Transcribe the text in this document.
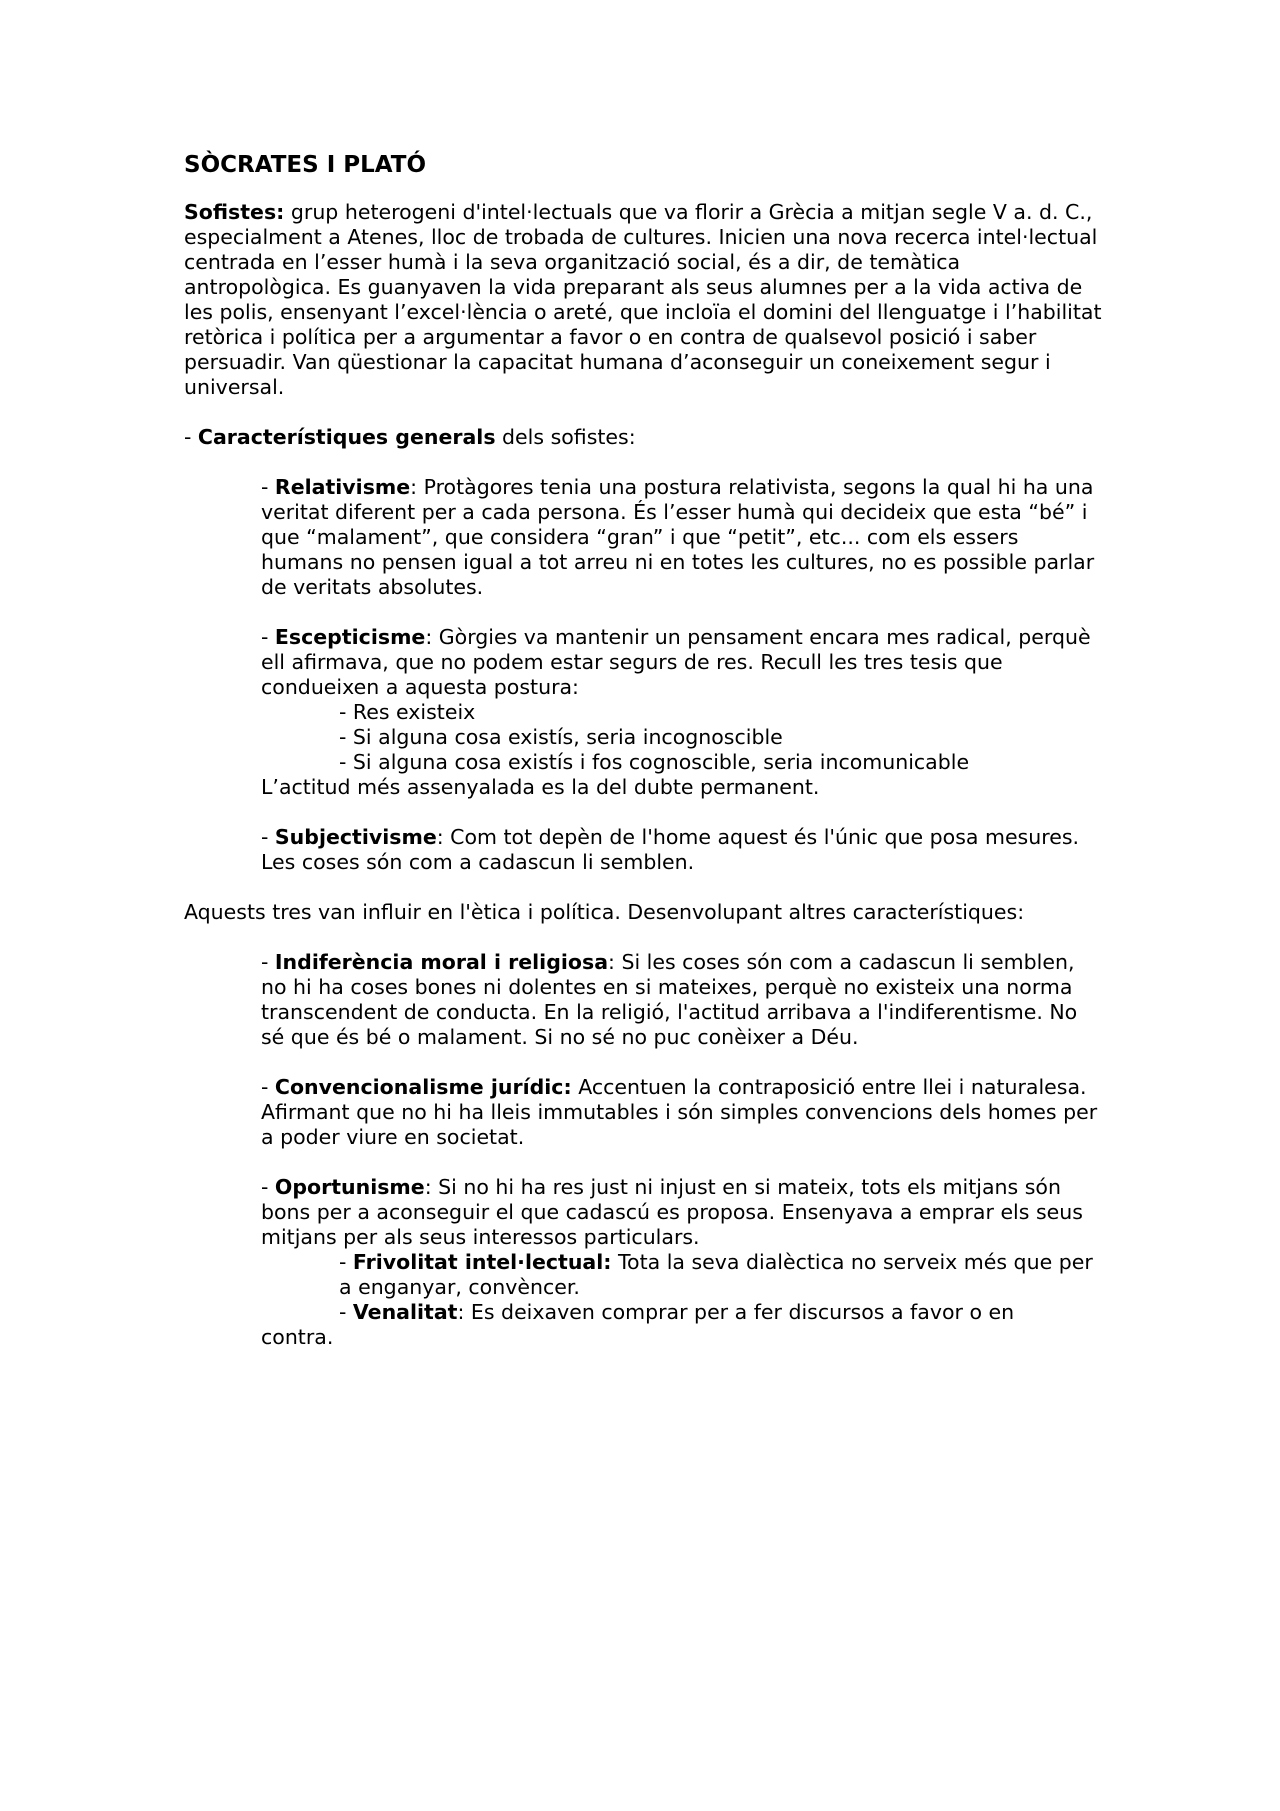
SÒCRATES I PLATÓ

Sofistes: grup heterogeni d'intel·lectuals que va florir a Grècia a mitjan segle V a. d. C., especialment a Atenes, lloc de trobada de cultures. Inicien una nova recerca intel·lectual centrada en l’esser humà i la seva organització social, és a dir, de temàtica antropològica. Es guanyaven la vida preparant als seus alumnes per a la vida activa de les polis, ensenyant l’excel·lència o areté, que incloïa el domini del llenguatge i l’habilitat retòrica i política per a argumentar a favor o en contra de qualsevol posició i saber persuadir. Van qüestionar la capacitat humana d’aconseguir un coneixement segur i universal.

- Característiques generals dels sofistes:

- Relativisme: Protàgores tenia una postura relativista, segons la qual hi ha una veritat diferent per a cada persona. És l’esser humà qui decideix que esta “bé” i que “malament”, que considera “gran” i que “petit”, etc... com els essers humans no pensen igual a tot arreu ni en totes les cultures, no es possible parlar de veritats absolutes.

- Escepticisme: Gòrgies va mantenir un pensament encara mes radical, perquè ell afirmava, que no podem estar segurs de res. Recull les tres tesis que condueixen a aquesta postura:

- Res existeix

- Si alguna cosa existís, seria incognoscible

- Si alguna cosa existís i fos cognoscible, seria incomunicable

L’actitud més assenyalada es la del dubte permanent.

- Subjectivisme: Com tot depèn de l'home aquest és l'únic que posa mesures. Les coses són com a cadascun li semblen.

Aquests tres van influir en l'ètica i política. Desenvolupant altres característiques:

- Indiferència moral i religiosa: Si les coses són com a cadascun li semblen, no hi ha coses bones ni dolentes en si mateixes, perquè no existeix una norma transcendent de conducta. En la religió, l'actitud arribava a l'indiferentisme. No sé que és bé o malament. Si no sé no puc conèixer a Déu.

- Convencionalisme jurídic: Accentuen la contraposició entre llei i naturalesa. Afirmant que no hi ha lleis immutables i són simples convencions dels homes per a poder viure en societat.

- Oportunisme: Si no hi ha res just ni injust en si mateix, tots els mitjans són bons per a aconseguir el que cadascú es proposa. Ensenyava a emprar els seus mitjans per als seus interessos particulars.

- Frivolitat intel·lectual: Tota la seva dialèctica no serveix més que per a enganyar, convèncer.

- Venalitat: Es deixaven comprar per a fer discursos a favor o en

contra.
